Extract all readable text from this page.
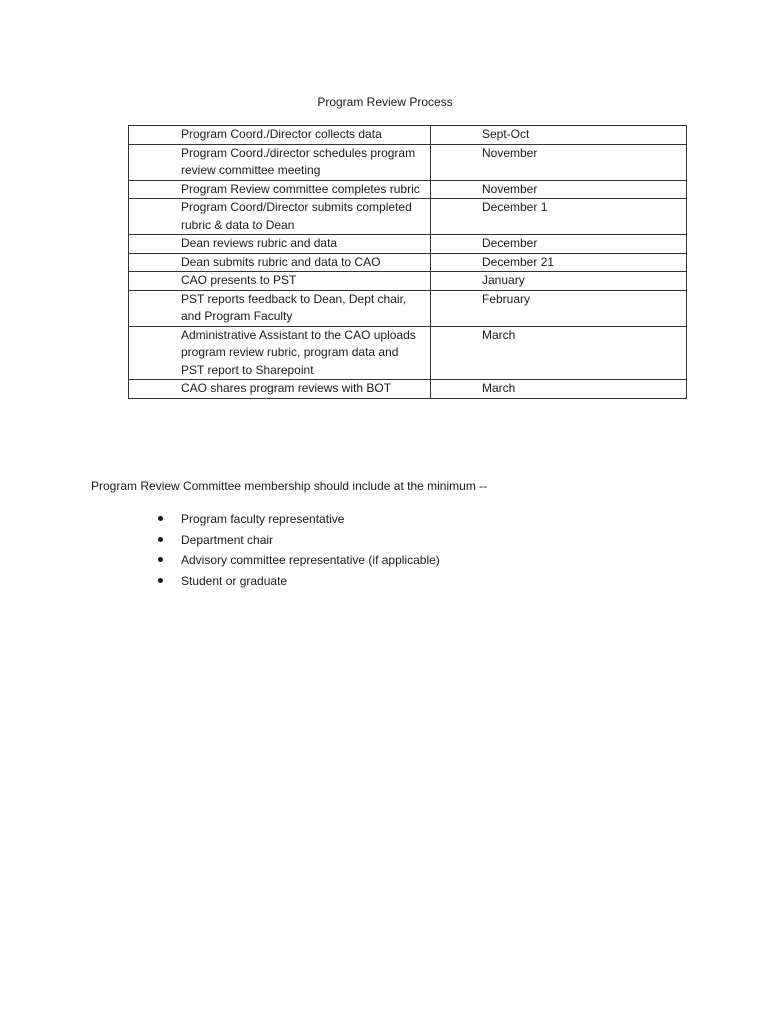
Program Review Process
Program Coord./Director collects data	Sept-Oct
Program Coord./director schedules program review committee meeting	November
Program Review committee completes rubric	November
Program Coord/Director submits completed rubric & data to Dean	December 1
Dean reviews rubric and data	December
Dean submits rubric and data to CAO	December 21
CAO presents to PST	January
PST reports feedback to Dean, Dept chair, and Program Faculty	February
Administrative Assistant to the CAO uploads program review rubric, program data and PST report to Sharepoint	March
CAO shares program reviews with BOT	March
Program Review Committee membership should include at the minimum --
Program faculty representative
Department chair
Advisory committee representative (if applicable)
Student or graduate
